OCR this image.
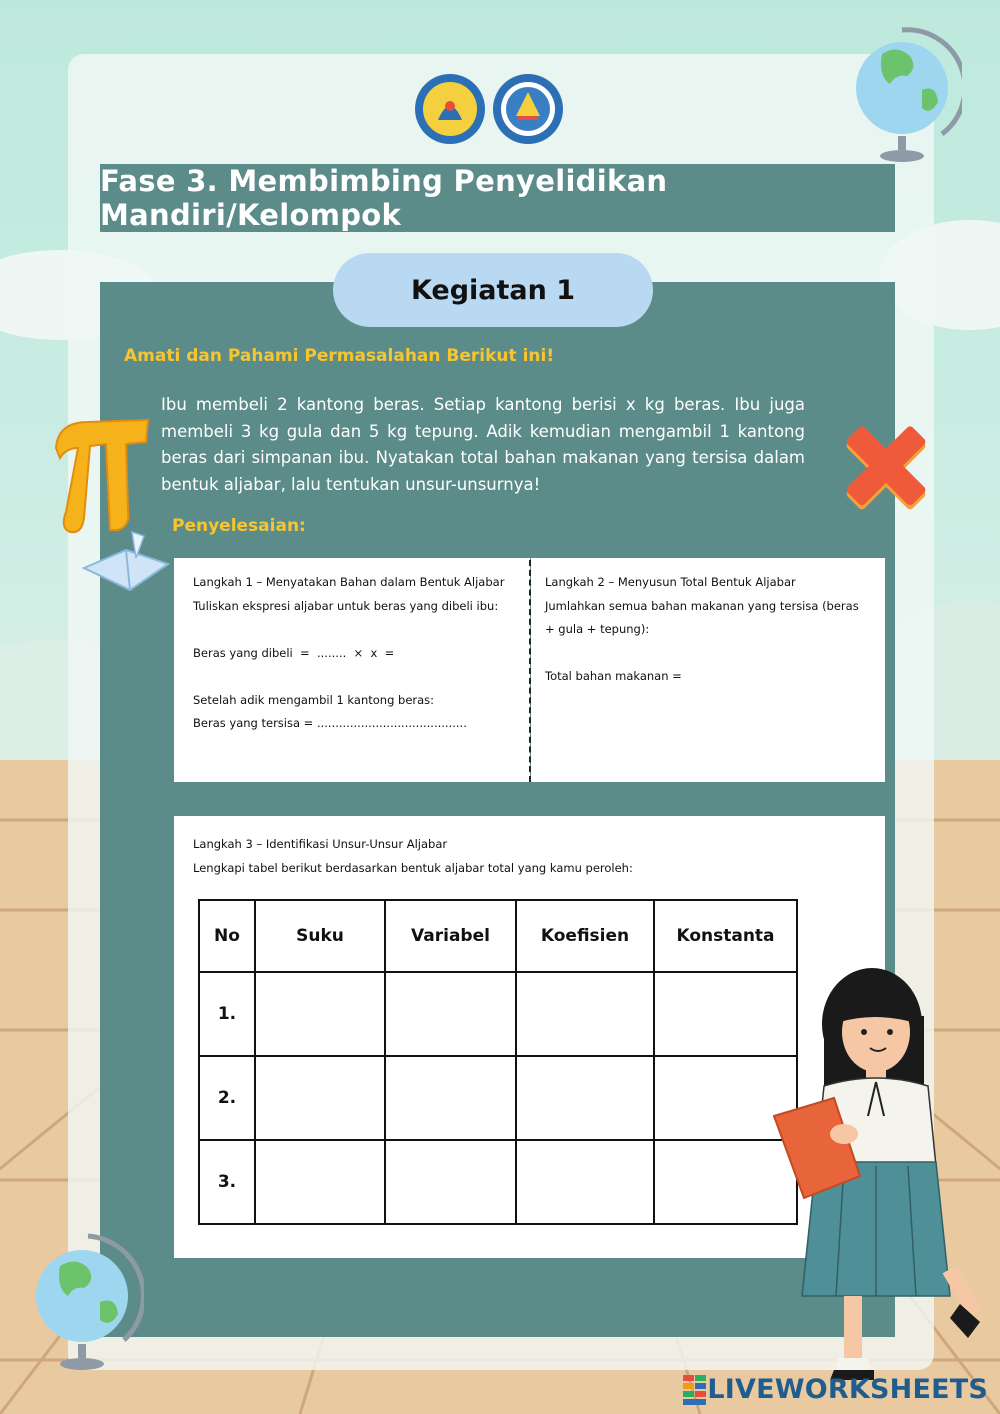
Fase 3. Membimbing Penyelidikan Mandiri/Kelompok
Kegiatan 1
Amati dan Pahami Permasalahan Berikut ini!
Ibu membeli 2 kantong beras. Setiap kantong berisi x kg beras. Ibu juga membeli 3 kg gula dan 5 kg tepung. Adik kemudian mengambil 1 kantong beras dari simpanan ibu. Nyatakan total bahan makanan yang tersisa dalam bentuk aljabar, lalu tentukan unsur-unsurnya!
Penyelesaian:

Langkah 1 – Menyatakan Bahan dalam Bentuk Aljabar

Tuliskan ekspresi aljabar untuk beras yang dibeli ibu:

Beras yang dibeli  =  ........  ×  x  =

Setelah adik mengambil 1 kantong beras:

Beras yang tersisa = .........................................

Langkah 2 – Menyusun Total Bentuk Aljabar

Jumlahkan semua bahan makanan yang tersisa (beras + gula + tepung):

Total bahan makanan =

Langkah 3 – Identifikasi Unsur-Unsur Aljabar

Lengkapi tabel berikut berdasarkan bentuk aljabar total yang kamu peroleh:

No	Suku	Variabel	Koefisien	Konstanta
1.				
2.				
3.				
LIVEWORKSHEETS
